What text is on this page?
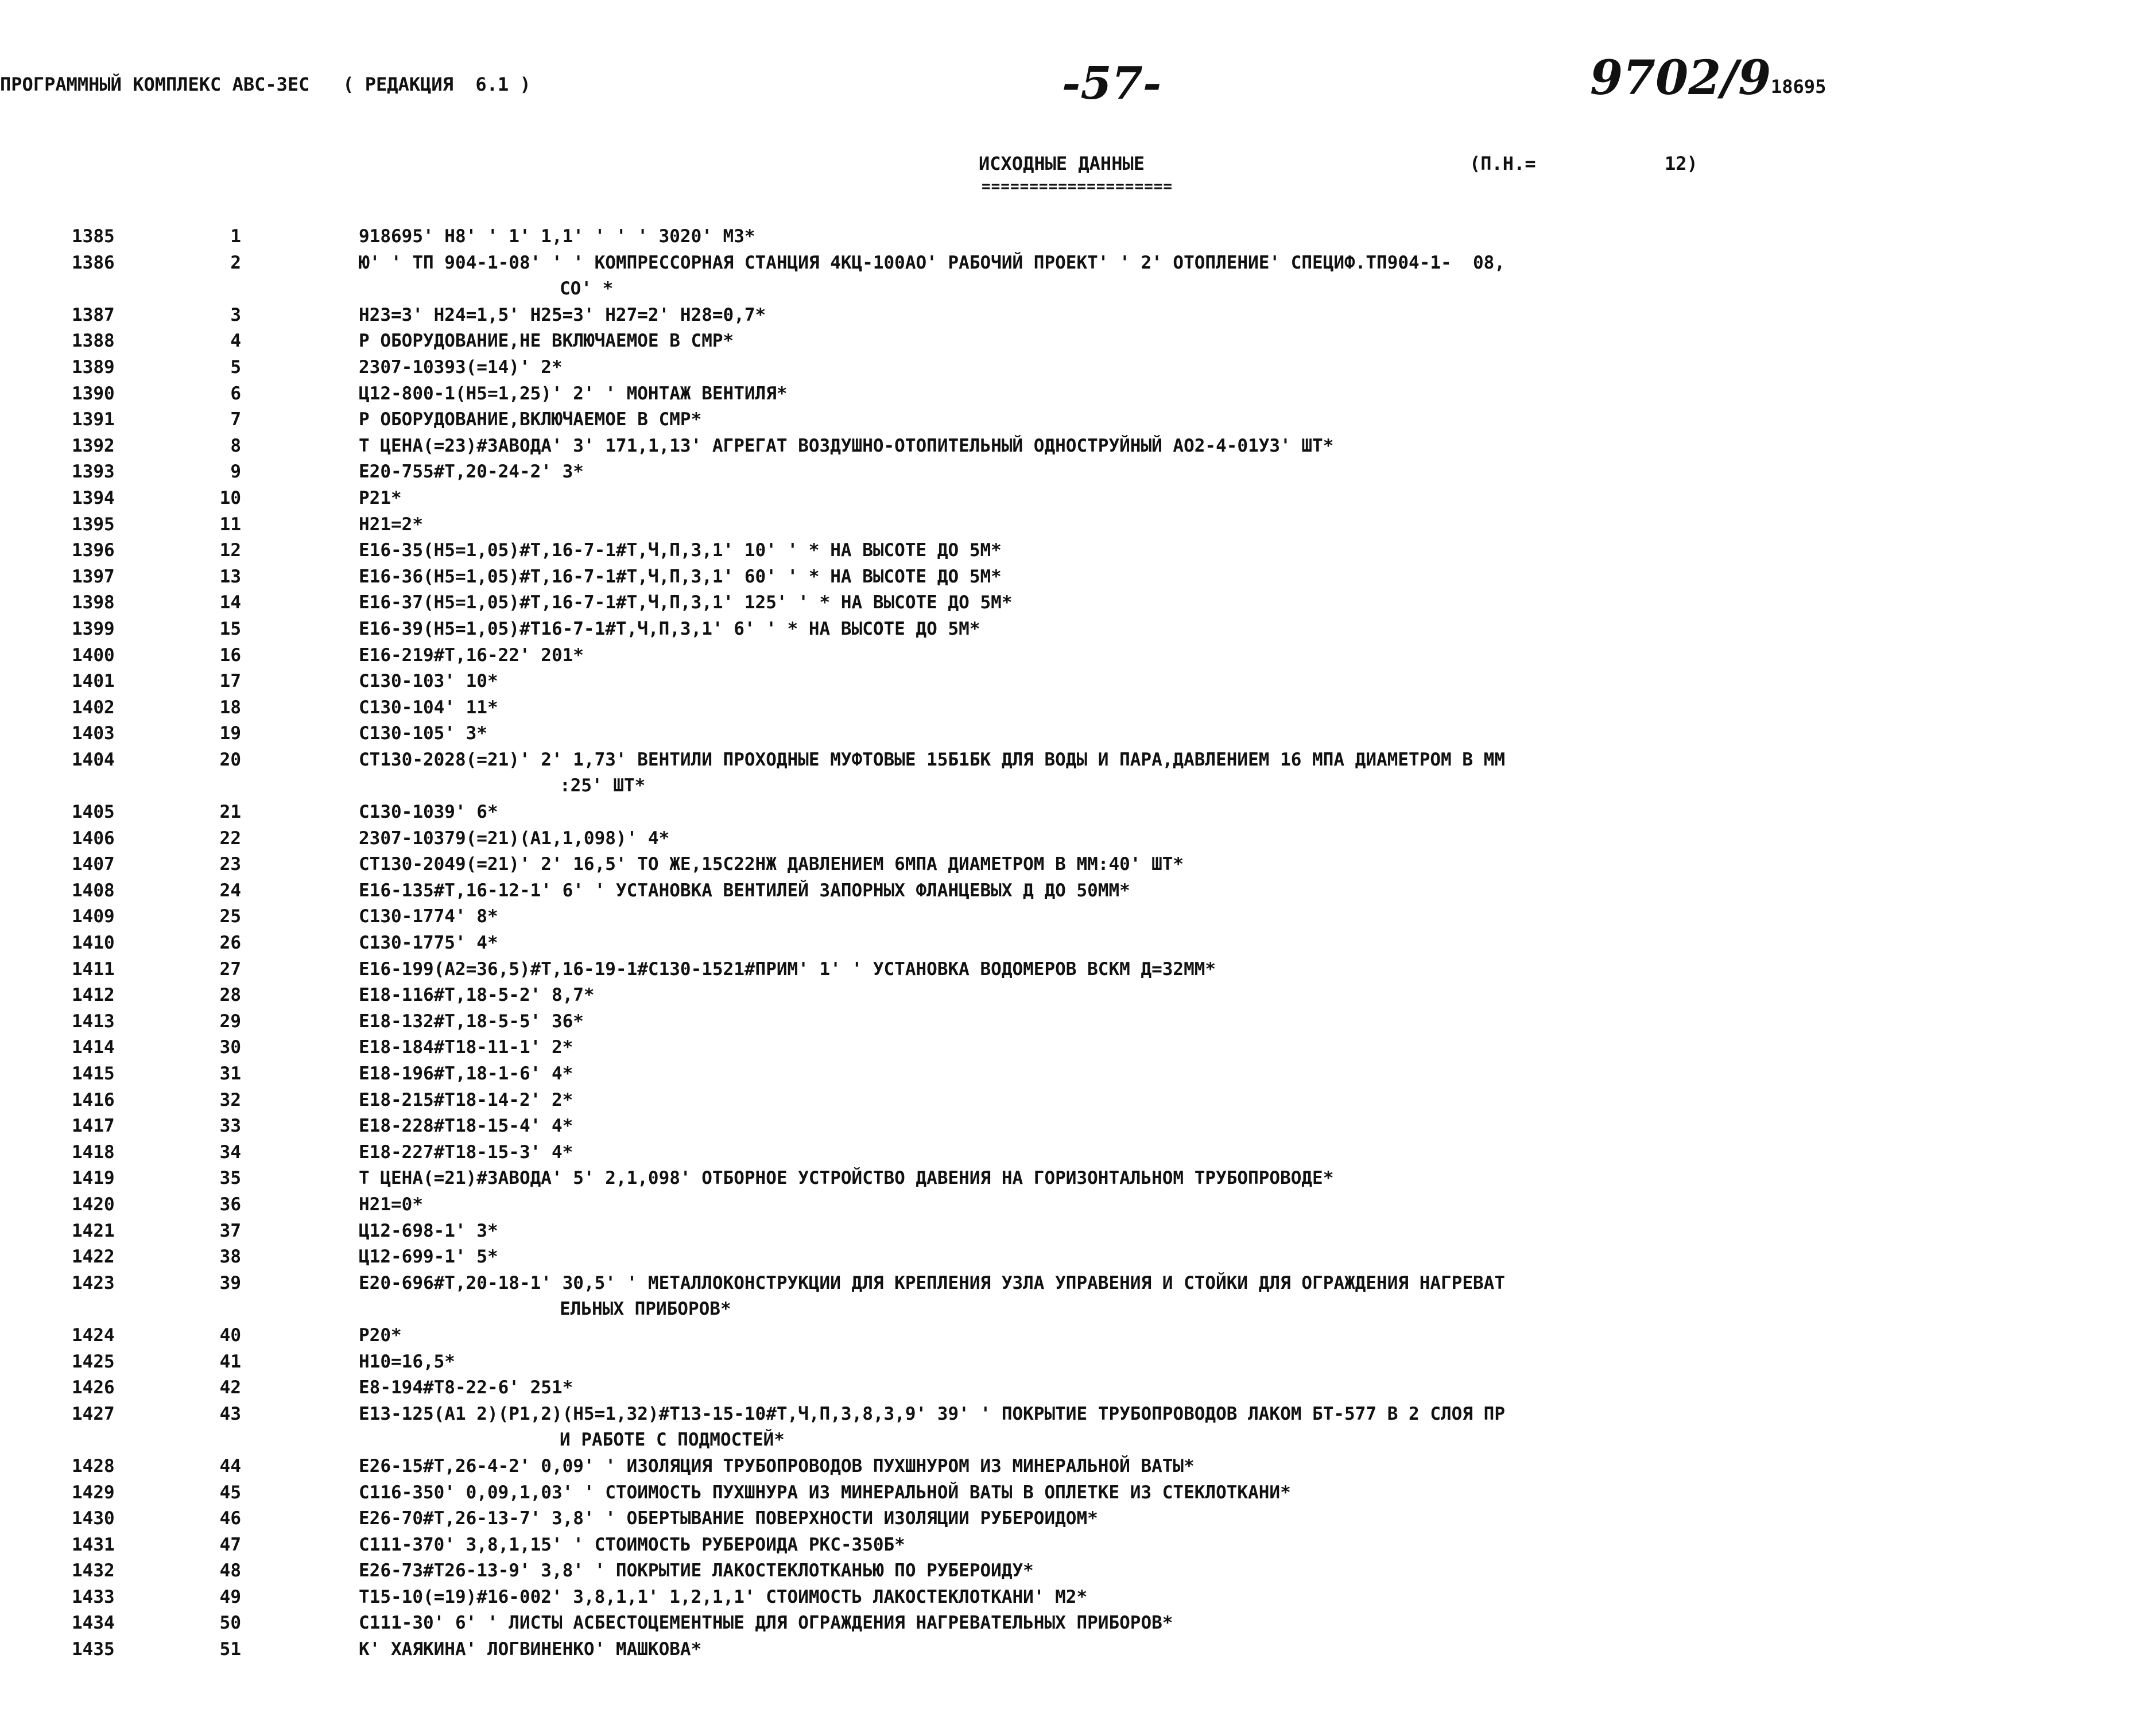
ПРОГРАММНЫЙ КОМПЛЕКС АВС-3ЕС   ( РЕДАКЦИЯ  6.1 )	-57-	9702/9 18695
ИСХОДНЫЕ ДАННЫЕ
====================
(П.Н.=	12)
1385	1	918695' Н8' ' 1' 1,1' ' ' ' 3020' М3*
1386	2	Ю' ' ТП 904-1-08' ' ' КОМПРЕССОРНАЯ СТАНЦИЯ 4КЦ-100АО' РАБОЧИЙ ПРОЕКТ' ' 2' ОТОПЛЕНИЕ' СПЕЦИФ.ТП904-1-  08,
СО' *
1387	3	Н23=3' Н24=1,5' Н25=3' Н27=2' Н28=0,7*
1388	4	Р ОБОРУДОВАНИЕ,НЕ ВКЛЮЧАЕМОЕ В СМР*
1389	5	2307-10393(=14)' 2*
1390	6	Ц12-800-1(Н5=1,25)' 2' ' МОНТАЖ ВЕНТИЛЯ*
1391	7	Р ОБОРУДОВАНИЕ,ВКЛЮЧАЕМОЕ В СМР*
1392	8	Т ЦЕНА(=23)#ЗАВОДА' 3' 171,1,13' АГРЕГАТ ВОЗДУШНО-ОТОПИТЕЛЬНЫЙ ОДНОСТРУЙНЫЙ АО2-4-01У3' ШТ*
1393	9	Е20-755#Т,20-24-2' 3*
1394	10	Р21*
1395	11	Н21=2*
1396	12	Е16-35(Н5=1,05)#Т,16-7-1#Т,Ч,П,3,1' 10' ' * НА ВЫСОТЕ ДО 5М*
1397	13	Е16-36(Н5=1,05)#Т,16-7-1#Т,Ч,П,3,1' 60' ' * НА ВЫСОТЕ ДО 5М*
1398	14	Е16-37(Н5=1,05)#Т,16-7-1#Т,Ч,П,3,1' 125' ' * НА ВЫСОТЕ ДО 5М*
1399	15	Е16-39(Н5=1,05)#Т16-7-1#Т,Ч,П,3,1' 6' ' * НА ВЫСОТЕ ДО 5М*
1400	16	Е16-219#Т,16-22' 201*
1401	17	С130-103' 10*
1402	18	С130-104' 11*
1403	19	С130-105' 3*
1404	20	СТ130-2028(=21)' 2' 1,73' ВЕНТИЛИ ПРОХОДНЫЕ МУФТОВЫЕ 15Б1БК ДЛЯ ВОДЫ И ПАРА,ДАВЛЕНИЕМ 16 МПА ДИАМЕТРОМ В ММ
:25' ШТ*
1405	21	С130-1039' 6*
1406	22	2307-10379(=21)(А1,1,098)' 4*
1407	23	СТ130-2049(=21)' 2' 16,5' ТО ЖЕ,15С22НЖ ДАВЛЕНИЕМ 6МПА ДИАМЕТРОМ В ММ:40' ШТ*
1408	24	Е16-135#Т,16-12-1' 6' ' УСТАНОВКА ВЕНТИЛЕЙ ЗАПОРНЫХ ФЛАНЦЕВЫХ Д ДО 50ММ*
1409	25	С130-1774' 8*
1410	26	С130-1775' 4*
1411	27	Е16-199(А2=36,5)#Т,16-19-1#С130-1521#ПРИМ' 1' ' УСТАНОВКА ВОДОМЕРОВ ВСКМ Д=32ММ*
1412	28	Е18-116#Т,18-5-2' 8,7*
1413	29	Е18-132#Т,18-5-5' 36*
1414	30	Е18-184#Т18-11-1' 2*
1415	31	Е18-196#Т,18-1-6' 4*
1416	32	Е18-215#Т18-14-2' 2*
1417	33	Е18-228#Т18-15-4' 4*
1418	34	Е18-227#Т18-15-3' 4*
1419	35	Т ЦЕНА(=21)#ЗАВОДА' 5' 2,1,098' ОТБОРНОЕ УСТРОЙСТВО ДАВЕНИЯ НА ГОРИЗОНТАЛЬНОМ ТРУБОПРОВОДЕ*
1420	36	Н21=0*
1421	37	Ц12-698-1' 3*
1422	38	Ц12-699-1' 5*
1423	39	Е20-696#Т,20-18-1' 30,5' ' МЕТАЛЛОКОНСТРУКЦИИ ДЛЯ КРЕПЛЕНИЯ УЗЛА УПРАВЕНИЯ И СТОЙКИ ДЛЯ ОГРАЖДЕНИЯ НАГРЕВАТ
ЕЛЬНЫХ ПРИБОРОВ*
1424	40	Р20*
1425	41	Н10=16,5*
1426	42	Е8-194#Т8-22-6' 251*
1427	43	Е13-125(А1 2)(Р1,2)(Н5=1,32)#Т13-15-10#Т,Ч,П,3,8,3,9' 39' ' ПОКРЫТИЕ ТРУБОПРОВОДОВ ЛАКОМ БТ-577 В 2 СЛОЯ ПР
И РАБОТЕ С ПОДМОСТЕЙ*
1428	44	Е26-15#Т,26-4-2' 0,09' ' ИЗОЛЯЦИЯ ТРУБОПРОВОДОВ ПУХШНУРОМ ИЗ МИНЕРАЛЬНОЙ ВАТЫ*
1429	45	С116-350' 0,09,1,03' ' СТОИМОСТЬ ПУХШНУРА ИЗ МИНЕРАЛЬНОЙ ВАТЫ В ОПЛЕТКЕ ИЗ СТЕКЛОТКАНИ*
1430	46	Е26-70#Т,26-13-7' 3,8' ' ОБЕРТЫВАНИЕ ПОВЕРХНОСТИ ИЗОЛЯЦИИ РУБЕРОИДОМ*
1431	47	С111-370' 3,8,1,15' ' СТОИМОСТЬ РУБЕРОИДА РКС-350Б*
1432	48	Е26-73#Т26-13-9' 3,8' ' ПОКРЫТИЕ ЛАКОСТЕКЛОТКАНЬЮ ПО РУБЕРОИДУ*
1433	49	Т15-10(=19)#16-002' 3,8,1,1' 1,2,1,1' СТОИМОСТЬ ЛАКОСТЕКЛОТКАНИ' М2*
1434	50	С111-30' 6' ' ЛИСТЫ АСБЕСТОЦЕМЕНТНЫЕ ДЛЯ ОГРАЖДЕНИЯ НАГРЕВАТЕЛЬНЫХ ПРИБОРОВ*
1435	51	К' ХАЯКИНА' ЛОГВИНЕНКО' МАШКОВА*
